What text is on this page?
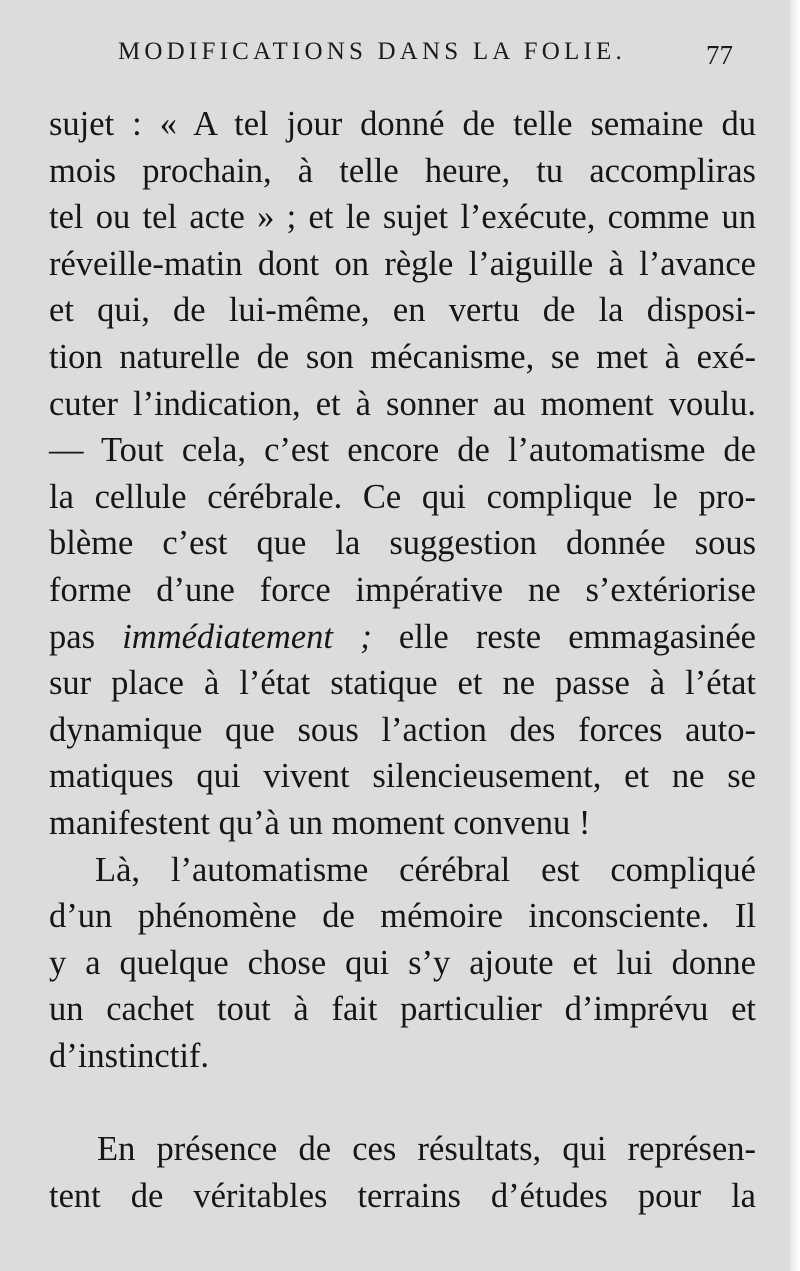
MODIFICATIONS DANS LA FOLIE.	77
sujet : « A tel jour donné de telle semaine du
mois prochain, à telle heure, tu accompliras
tel ou tel acte » ; et le sujet l’exécute, comme un
réveille-matin dont on règle l’aiguille à l’avance
et qui, de lui-même, en vertu de la disposi-
tion naturelle de son mécanisme, se met à exé-
cuter l’indication, et à sonner au moment voulu.
— Tout cela, c’est encore de l’automatisme de
la cellule cérébrale. Ce qui complique le pro-
blème c’est que la suggestion donnée sous
forme d’une force impérative ne s’extériorise
pas immédiatement ; elle reste emmagasinée
sur place à l’état statique et ne passe à l’état
dynamique que sous l’action des forces auto-
matiques qui vivent silencieusement, et ne se
manifestent qu’à un moment convenu !
Là, l’automatisme cérébral est compliqué
d’un phénomène de mémoire inconsciente. Il
y a quelque chose qui s’y ajoute et lui donne
un cachet tout à fait particulier d’imprévu et
d’instinctif.
En présence de ces résultats, qui représen-
tent de véritables terrains d’études pour la
